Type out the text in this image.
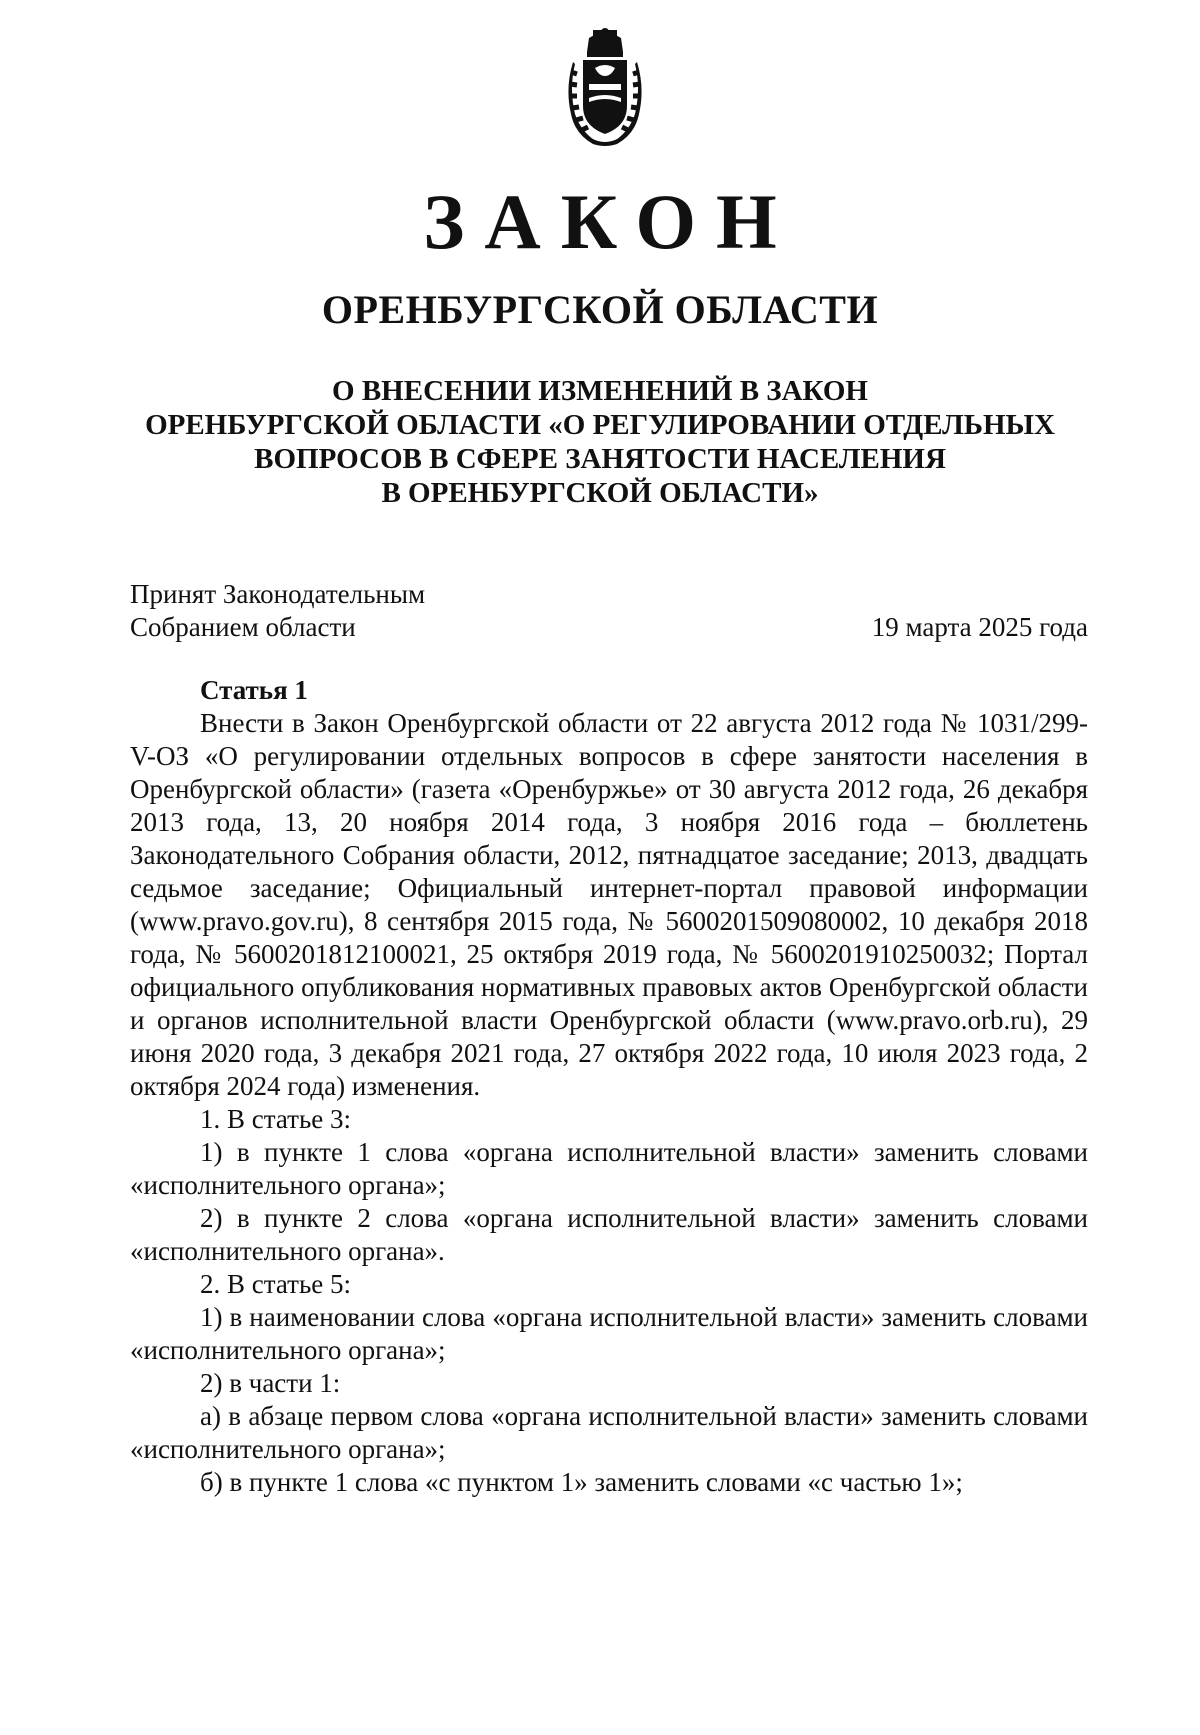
ЗАКОН
ОРЕНБУРГСКОЙ ОБЛАСТИ
О ВНЕСЕНИИ ИЗМЕНЕНИЙ В ЗАКОН
ОРЕНБУРГСКОЙ ОБЛАСТИ «О РЕГУЛИРОВАНИИ ОТДЕЛЬНЫХ
ВОПРОСОВ В СФЕРЕ ЗАНЯТОСТИ НАСЕЛЕНИЯ
В ОРЕНБУРГСКОЙ ОБЛАСТИ»
Принят Законодательным
Собранием области	19 марта 2025 года
Статья 1

Внести в Закон Оренбургской области от 22 августа 2012 года № 1031/299-V-ОЗ «О регулировании отдельных вопросов в сфере занятости населения в Оренбургской области» (газета «Оренбуржье» от 30 августа 2012 года, 26 декабря 2013 года, 13, 20 ноября 2014 года, 3 ноября 2016 года – бюллетень Законодательного Собрания области, 2012, пятнадцатое заседание; 2013, двадцать седьмое заседание; Официальный интернет-портал правовой информации (www.pravo.gov.ru), 8 сентября 2015 года, № 5600201509080002, 10 декабря 2018 года, № 5600201812100021, 25 октября 2019 года, № 5600201910250032; Портал официального опубликования нормативных правовых актов Оренбургской области и органов исполнительной власти Оренбургской области (www.pravo.orb.ru), 29 июня 2020 года, 3 декабря 2021 года, 27 октября 2022 года, 10 июля 2023 года, 2 октября 2024 года) изменения.

1. В статье 3:

1) в пункте 1 слова «органа исполнительной власти» заменить словами «исполнительного органа»;

2) в пункте 2 слова «органа исполнительной власти» заменить словами «исполнительного органа».

2. В статье 5:

1) в наименовании слова «органа исполнительной власти» заменить словами «исполнительного органа»;

2) в части 1:

а) в абзаце первом слова «органа исполнительной власти» заменить словами «исполнительного органа»;

б) в пункте 1 слова «с пунктом 1» заменить словами «с частью 1»;
